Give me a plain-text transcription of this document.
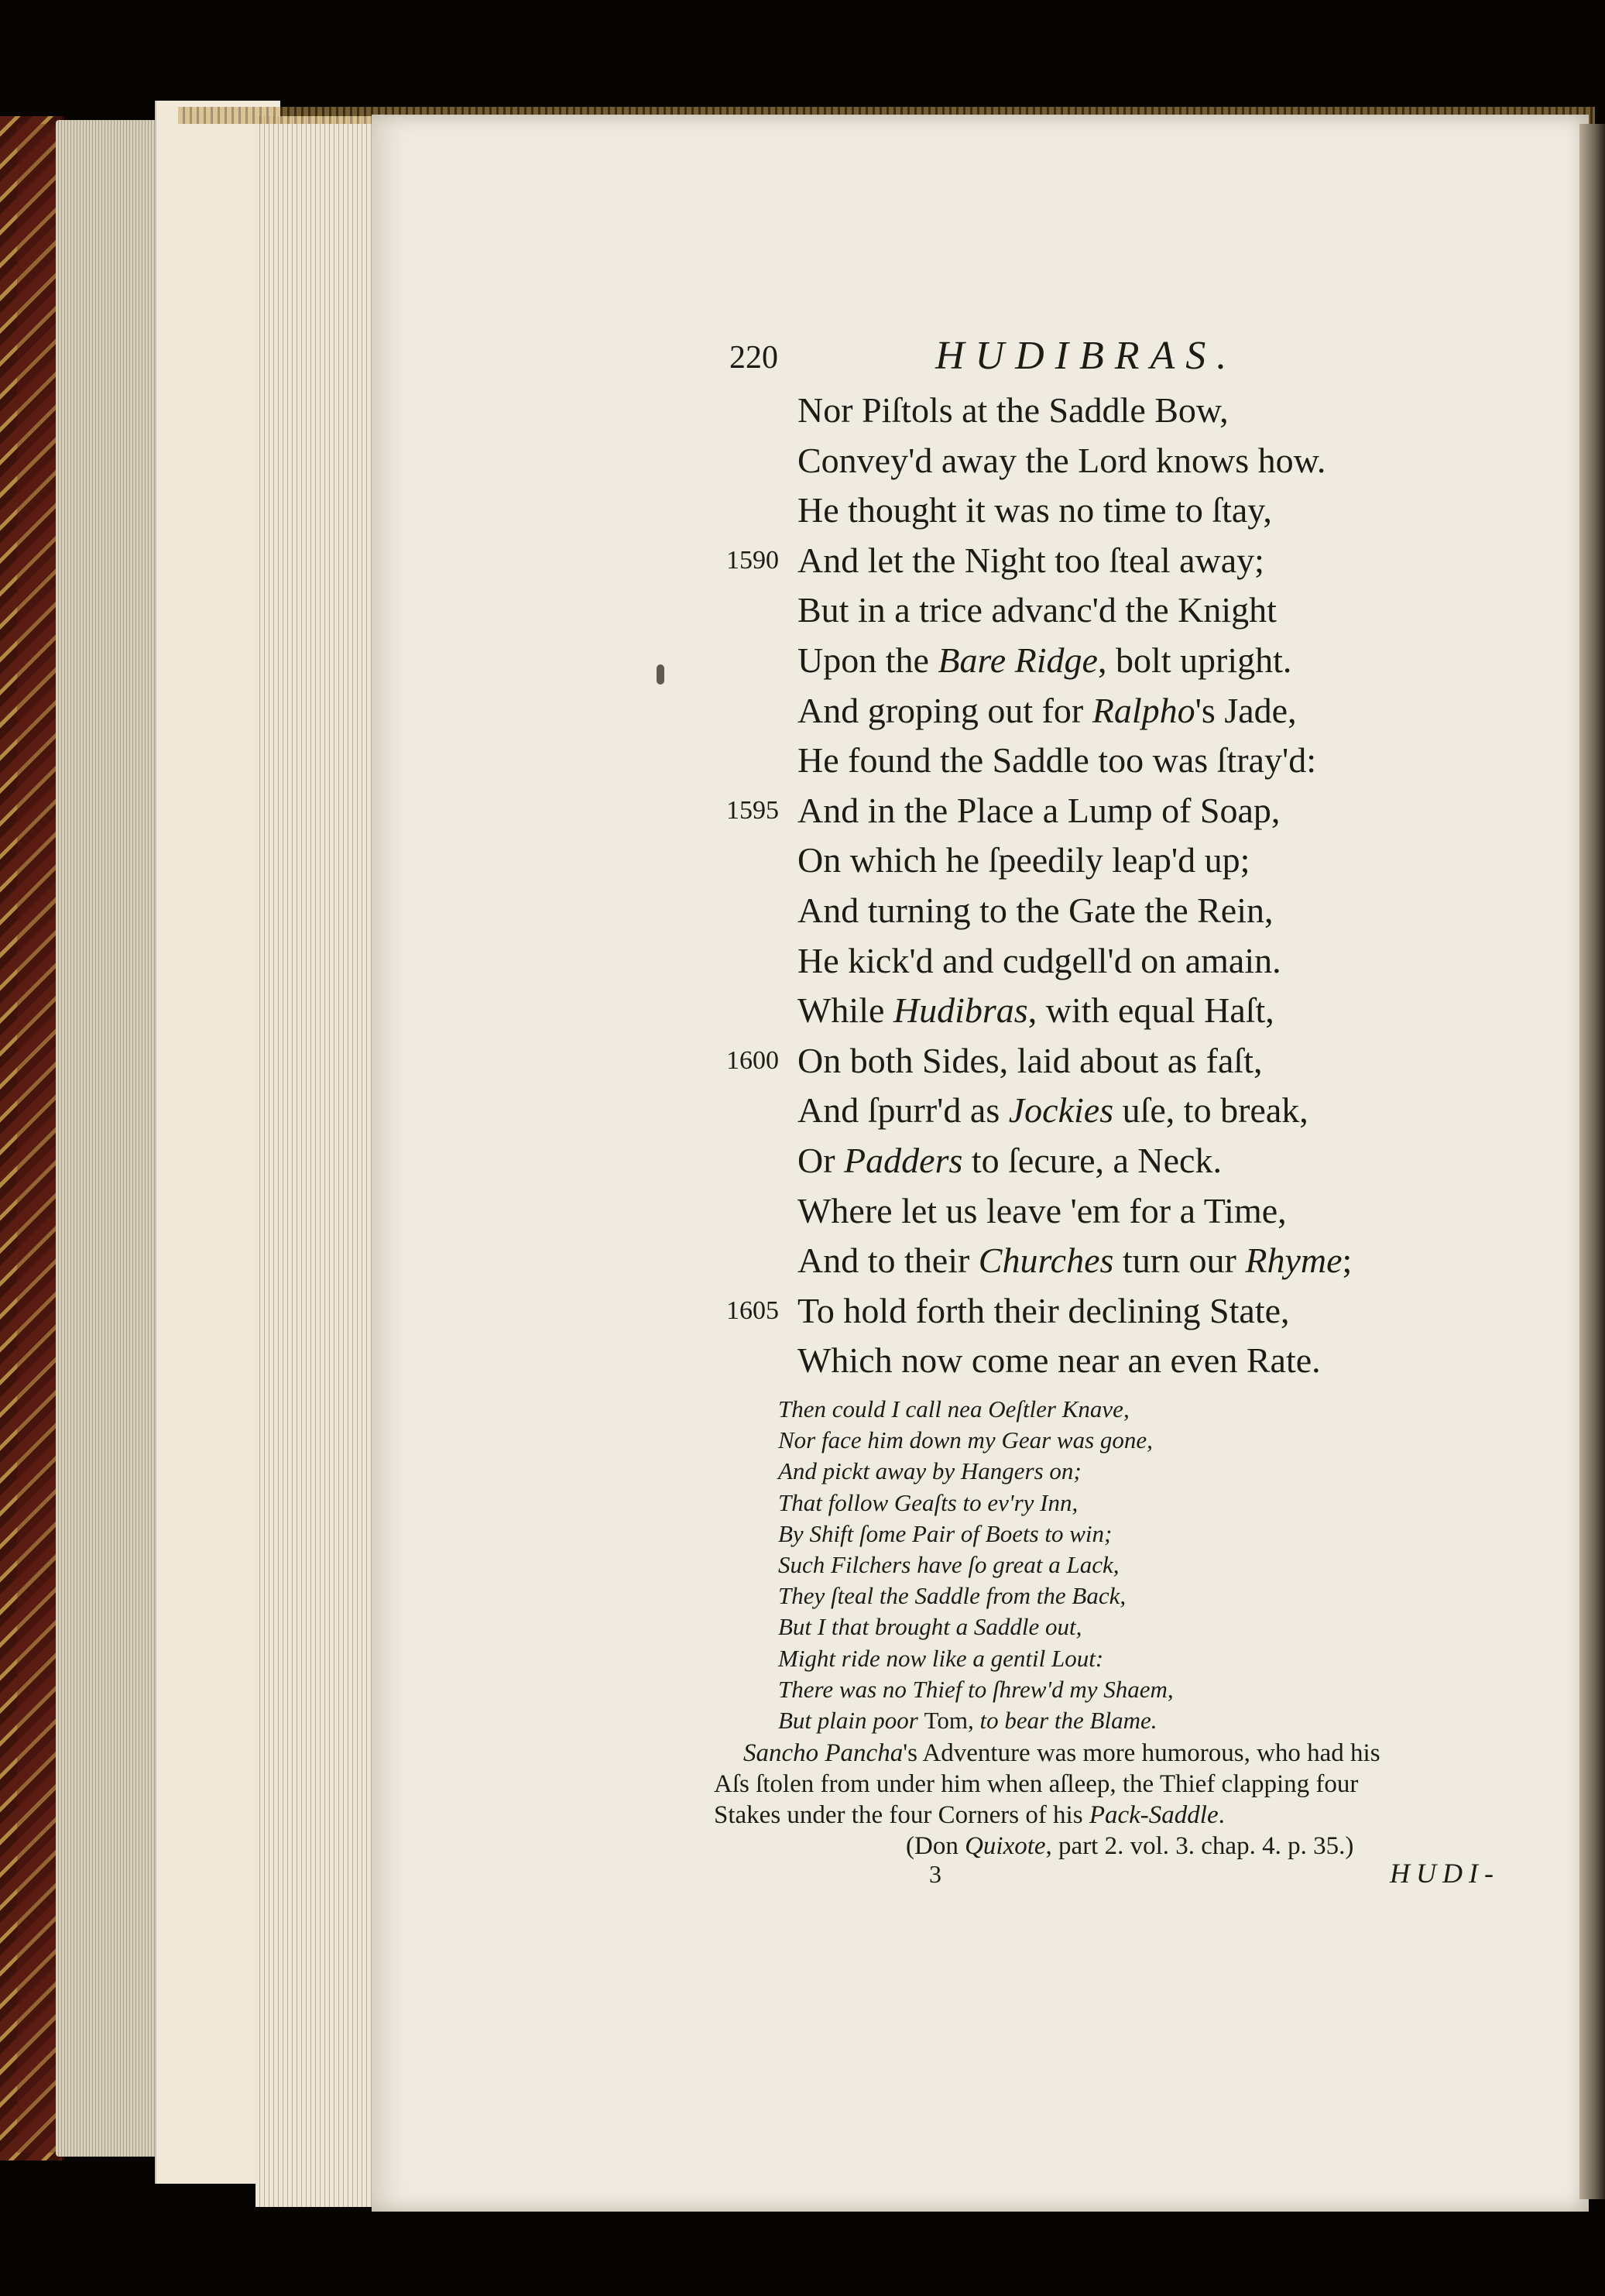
220	HUDIBRAS.
Nor Piſtols at the Saddle Bow,
Convey'd away the Lord knows how.
He thought it was no time to ſtay,
And let the Night too ſteal away;
1590
But in a trice advanc'd the Knight
Upon the Bare Ridge, bolt upright.
And groping out for Ralpho's Jade,
He found the Saddle too was ſtray'd:
And in the Place a Lump of Soap,
1595
On which he ſpeedily leap'd up;
And turning to the Gate the Rein,
He kick'd and cudgell'd on amain.
While Hudibras, with equal Haſt,
On both Sides, laid about as faſt,
1600
And ſpurr'd as Jockies uſe, to break,
Or Padders to ſecure, a Neck.
Where let us leave 'em for a Time,
And to their Churches turn our Rhyme;
To hold forth their declining State,
1605
Which now come near an even Rate.
Then could I call nea Oeſtler Knave,
Nor face him down my Gear was gone,
And pickt away by Hangers on;
That follow Geaſts to ev'ry Inn,
By Shift ſome Pair of Boets to win;
Such Filchers have ſo great a Lack,
They ſteal the Saddle from the Back,
But I that brought a Saddle out,
Might ride now like a gentil Lout:
There was no Thief to ſhrew'd my Shaem,
But plain poor Tom, to bear the Blame.
Sancho Pancha's Adventure was more humorous, who had his
Aſs ſtolen from under him when aſleep, the Thief clapping four
Stakes under the four Corners of his Pack-Saddle.
(Don Quixote, part 2. vol. 3. chap. 4. p. 35.)
3	HUDI-
